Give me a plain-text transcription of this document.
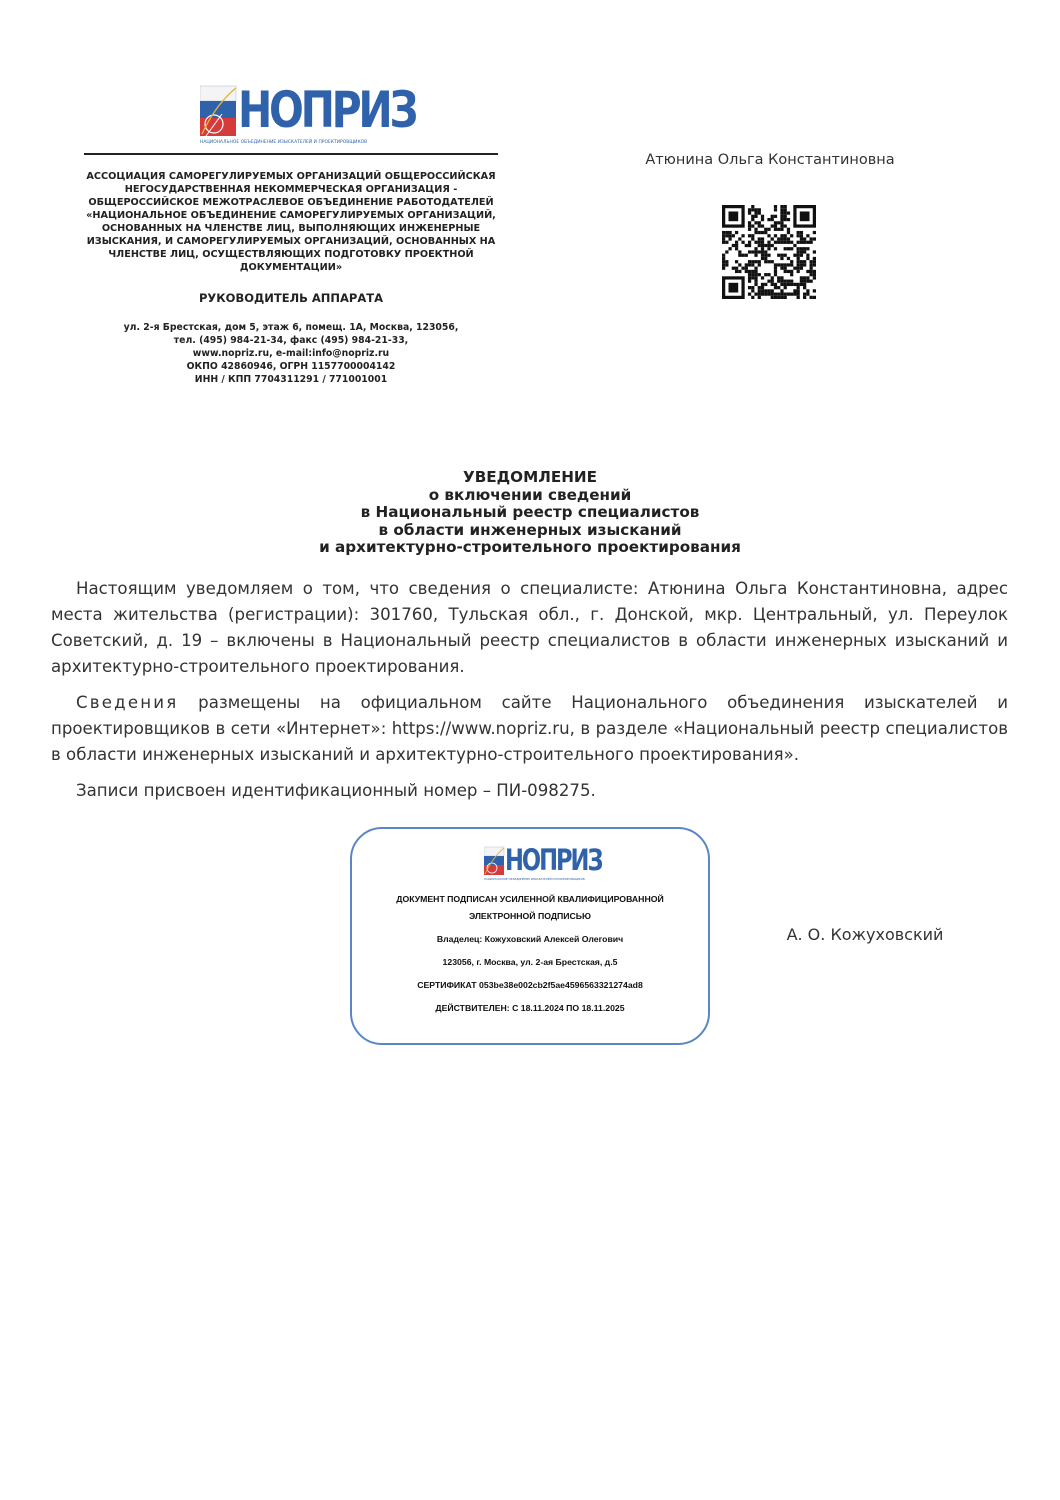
НОПРИЗ
НАЦИОНАЛЬНОЕ ОБЪЕДИНЕНИЕ ИЗЫСКАТЕЛЕЙ И ПРОЕКТИРОВЩИКОВ
АССОЦИАЦИЯ САМОРЕГУЛИРУЕМЫХ ОРГАНИЗАЦИЙ ОБЩЕРОССИЙСКАЯ
НЕГОСУДАРСТВЕННАЯ НЕКОММЕРЧЕСКАЯ ОРГАНИЗАЦИЯ -
ОБЩЕРОССИЙСКОЕ МЕЖОТРАСЛЕВОЕ ОБЪЕДИНЕНИЕ РАБОТОДАТЕЛЕЙ
«НАЦИОНАЛЬНОЕ ОБЪЕДИНЕНИЕ САМОРЕГУЛИРУЕМЫХ ОРГАНИЗАЦИЙ,
ОСНОВАННЫХ НА ЧЛЕНСТВЕ ЛИЦ, ВЫПОЛНЯЮЩИХ ИНЖЕНЕРНЫЕ
ИЗЫСКАНИЯ, И САМОРЕГУЛИРУЕМЫХ ОРГАНИЗАЦИЙ, ОСНОВАННЫХ НА
ЧЛЕНСТВЕ ЛИЦ, ОСУЩЕСТВЛЯЮЩИХ ПОДГОТОВКУ ПРОЕКТНОЙ
ДОКУМЕНТАЦИИ»
РУКОВОДИТЕЛЬ АППАРАТА
ул. 2-я Брестская, дом 5, этаж 6, помещ. 1А, Москва, 123056,
тел. (495) 984-21-34, факс (495) 984-21-33,
www.nopriz.ru, e-mail:info@nopriz.ru
ОКПО 42860946, ОГРН 1157700004142
ИНН / КПП 7704311291 / 771001001
Атюнина Ольга Константиновна
УВЕДОМЛЕНИЕ
о включении сведений
в Национальный реестр специалистов
в области инженерных изысканий
и архитектурно-строительного проектирования

Настоящим уведомляем о том, что сведения о специалисте: Атюнина Ольга Константиновна, адрес места жительства (регистрации): 301760, Тульская обл., г. Донской, мкр. Центральный, ул. Переулок Советский, д. 19 – включены в Национальный реестр специалистов в области инженерных изысканий и архитектурно-строительного проектирования.

Сведения размещены на официальном сайте Национального объединения изыскателей и проектировщиков в сети «Интернет»: https://www.nopriz.ru, в разделе «Национальный реестр специалистов в области инженерных изысканий и архитектурно-строительного проектирования».

Записи присвоен идентификационный номер – ПИ-098275.

НОПРИЗ
НАЦИОНАЛЬНОЕ ОБЪЕДИНЕНИЕ ИЗЫСКАТЕЛЕЙ И ПРОЕКТИРОВЩИКОВ
ДОКУМЕНТ ПОДПИСАН УСИЛЕННОЙ КВАЛИФИЦИРОВАННОЙ
ЭЛЕКТРОННОЙ ПОДПИСЬЮ
Владелец: Кожуховский Алексей Олегович
123056, г. Москва, ул. 2-ая Брестская, д.5
СЕРТИФИКАТ 053be38e002cb2f5ae4596563321274ad8
ДЕЙСТВИТЕЛЕН: С 18.11.2024 ПО 18.11.2025
А. О. Кожуховский
